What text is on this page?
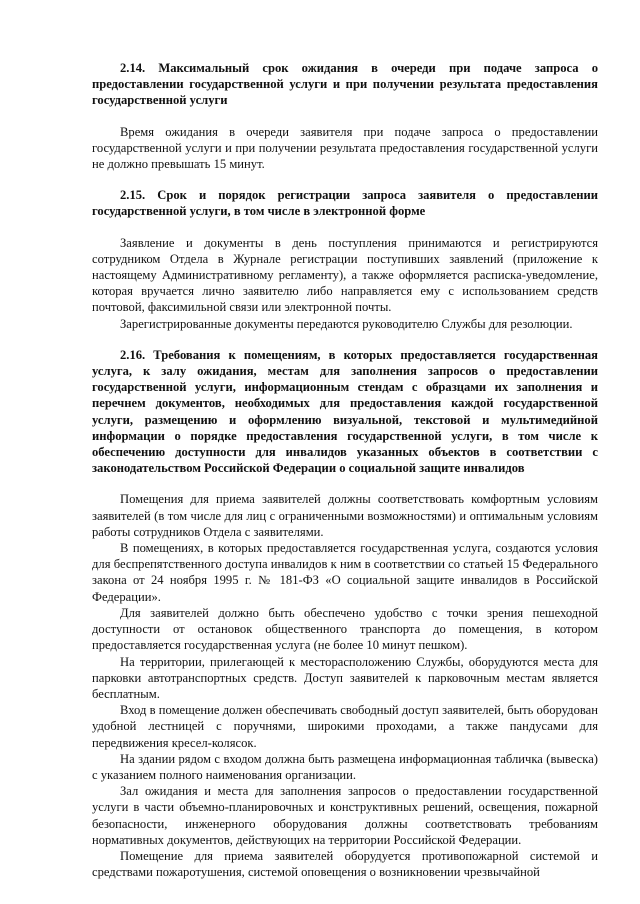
2.14. Максимальный срок ожидания в очереди при подаче запроса о предоставлении государственной услуги и при получении результата предоставления государственной услуги

Время ожидания в очереди заявителя при подаче запроса о предоставлении государственной услуги и при получении результата предоставления государственной услуги не должно превышать 15 минут.

2.15. Срок и порядок регистрации запроса заявителя о предоставлении государственной услуги, в том числе в электронной форме

Заявление и документы в день поступления принимаются и регистрируются сотрудником Отдела в Журнале регистрации поступивших заявлений (приложение к настоящему Административному регламенту), а также оформляется расписка-уведомление, которая вручается лично заявителю либо направляется ему с использованием средств почтовой, факсимильной связи или электронной почты.

Зарегистрированные документы передаются руководителю Службы для резолюции.

2.16. Требования к помещениям, в которых предоставляется государственная услуга, к залу ожидания, местам для заполнения запросов о предоставлении государственной услуги, информационным стендам с образцами их заполнения и перечнем документов, необходимых для предоставления каждой государственной услуги, размещению и оформлению визуальной, текстовой и мультимедийной информации о порядке предоставления государственной услуги, в том числе к обеспечению доступности для инвалидов указанных объектов в соответствии с законодательством Российской Федерации о социальной защите инвалидов

Помещения для приема заявителей должны соответствовать комфортным условиям заявителей (в том числе для лиц с ограниченными возможностями) и оптимальным условиям работы сотрудников Отдела с заявителями.

В помещениях, в которых предоставляется государственная услуга, создаются условия для беспрепятственного доступа инвалидов к ним в соответствии со статьей 15 Федерального закона от 24 ноября 1995 г. № 181-ФЗ «О социальной защите инвалидов в Российской Федерации».

Для заявителей должно быть обеспечено удобство с точки зрения пешеходной доступности от остановок общественного транспорта до помещения, в котором предоставляется государственная услуга (не более 10 минут пешком).

На территории, прилегающей к месторасположению Службы, оборудуются места для парковки автотранспортных средств. Доступ заявителей к парковочным местам является бесплатным.

Вход в помещение должен обеспечивать свободный доступ заявителей, быть оборудован удобной лестницей с поручнями, широкими проходами, а также пандусами для передвижения кресел-колясок.

На здании рядом с входом должна быть размещена информационная табличка (вывеска) с указанием полного наименования организации.

Зал ожидания и места для заполнения запросов о предоставлении государственной услуги в части объемно-планировочных и конструктивных решений, освещения, пожарной безопасности, инженерного оборудования должны соответствовать требованиям нормативных документов, действующих на территории Российской Федерации.

Помещение для приема заявителей оборудуется противопожарной системой и средствами пожаротушения, системой оповещения о возникновении чрезвычайной
